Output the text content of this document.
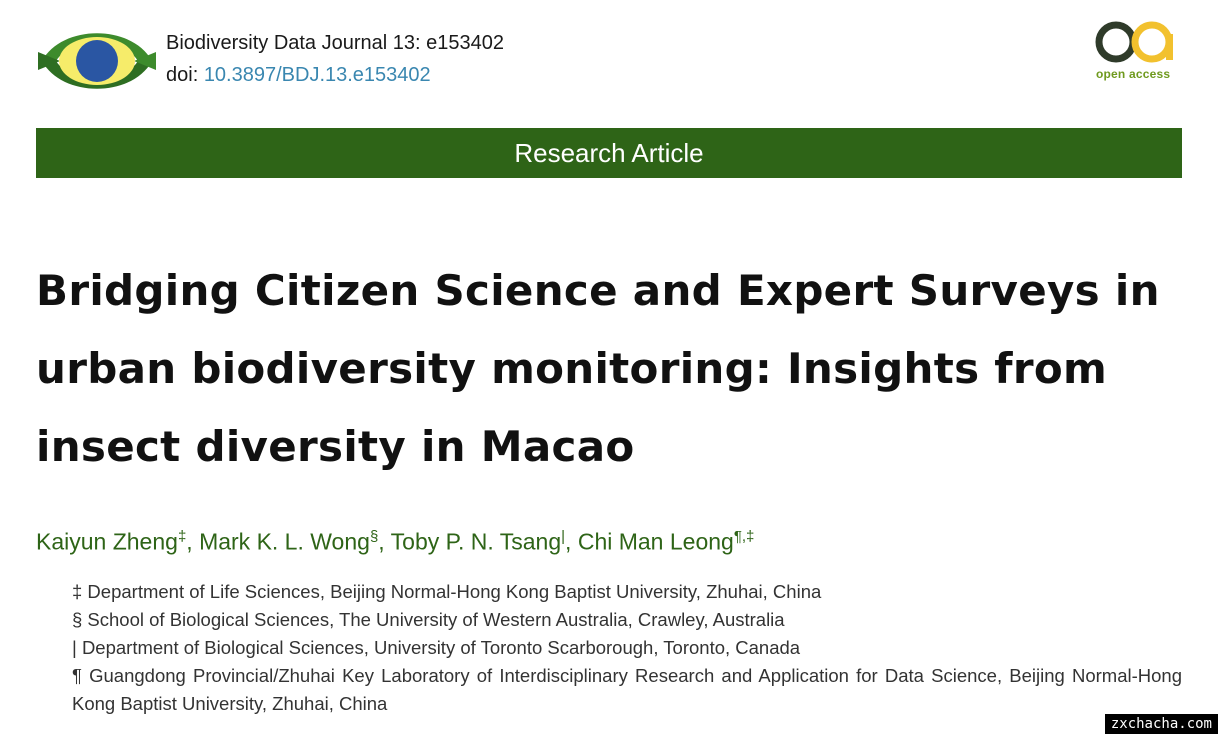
Biodiversity Data Journal 13: e153402
doi: 10.3897/BDJ.13.e153402	open access
Research Article
Bridging Citizen Science and Expert Surveys in
urban biodiversity monitoring: Insights from
insect diversity in Macao
Kaiyun Zheng‡, Mark K. L. Wong§, Toby P. N. Tsang|, Chi Man Leong¶,‡
‡ Department of Life Sciences, Beijing Normal-Hong Kong Baptist University, Zhuhai, China
§ School of Biological Sciences, The University of Western Australia, Crawley, Australia
| Department of Biological Sciences, University of Toronto Scarborough, Toronto, Canada
¶ Guangdong Provincial/Zhuhai Key Laboratory of Interdisciplinary Research and Application for Data Science, Beijing Normal-Hong Kong Baptist University, Zhuhai, China
zxchacha.com
